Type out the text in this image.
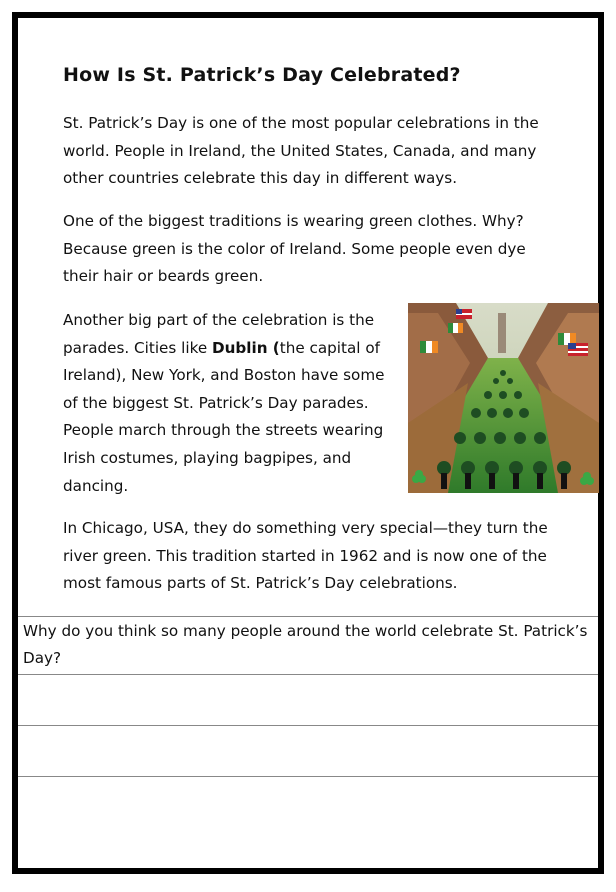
How Is St. Patrick’s Day Celebrated?

St. Patrick’s Day is one of the most popular celebrations in the world. People in Ireland, the United States, Canada, and many other countries celebrate this day in different ways.

One of the biggest traditions is wearing green clothes. Why? Because green is the color of Ireland. Some people even dye their hair or beards green.

Another big part of the celebration is the parades. Cities like Dublin (the capital of Ireland), New York, and Boston have some of the biggest St. Patrick’s Day parades. People march through the streets wearing Irish costumes, playing bagpipes, and dancing.

In Chicago, USA, they do something very special—they turn the river green. This tradition started in 1962 and is now one of the most famous parts of St. Patrick’s Day celebrations.

Why do you think so many people around the world celebrate St. Patrick’s Day?
